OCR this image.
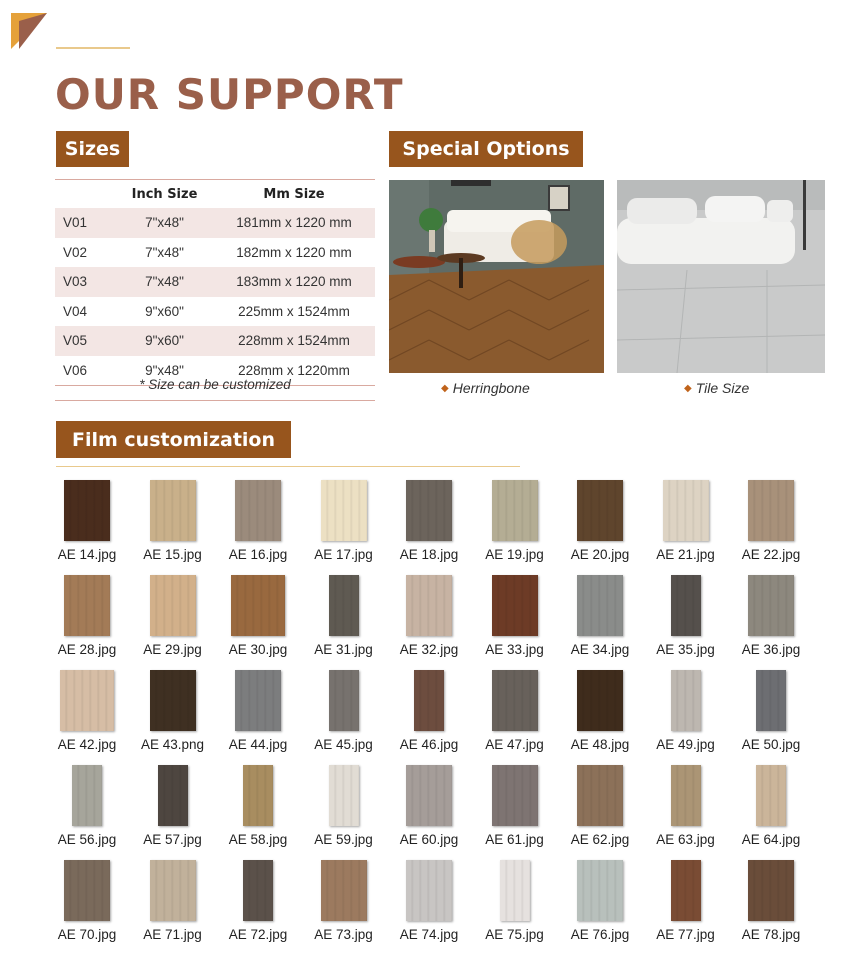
OUR SUPPORT
Sizes	Special Options
	Inch Size	Mm Size
V01	7"x48"	181mm x 1220 mm
V02	7"x48"	182mm x 1220 mm
V03	7"x48"	183mm x 1220 mm
V04	9"x60"	225mm x 1524mm
V05	9"x60"	228mm x 1524mm
V06	9"x48"	228mm x 1220mm
* Size can be customized	◆ Herringbone	◆ Tile Size
Film customization
AE 14.jpg	AE 15.jpg	AE 16.jpg	AE 17.jpg	AE 18.jpg	AE 19.jpg	AE 20.jpg	AE 21.jpg	AE 22.jpg
AE 28.jpg	AE 29.jpg	AE 30.jpg	AE 31.jpg	AE 32.jpg	AE 33.jpg	AE 34.jpg	AE 35.jpg	AE 36.jpg
AE 42.jpg	AE 43.png	AE 44.jpg	AE 45.jpg	AE 46.jpg	AE 47.jpg	AE 48.jpg	AE 49.jpg	AE 50.jpg
AE 56.jpg	AE 57.jpg	AE 58.jpg	AE 59.jpg	AE 60.jpg	AE 61.jpg	AE 62.jpg	AE 63.jpg	AE 64.jpg
AE 70.jpg	AE 71.jpg	AE 72.jpg	AE 73.jpg	AE 74.jpg	AE 75.jpg	AE 76.jpg	AE 77.jpg	AE 78.jpg
